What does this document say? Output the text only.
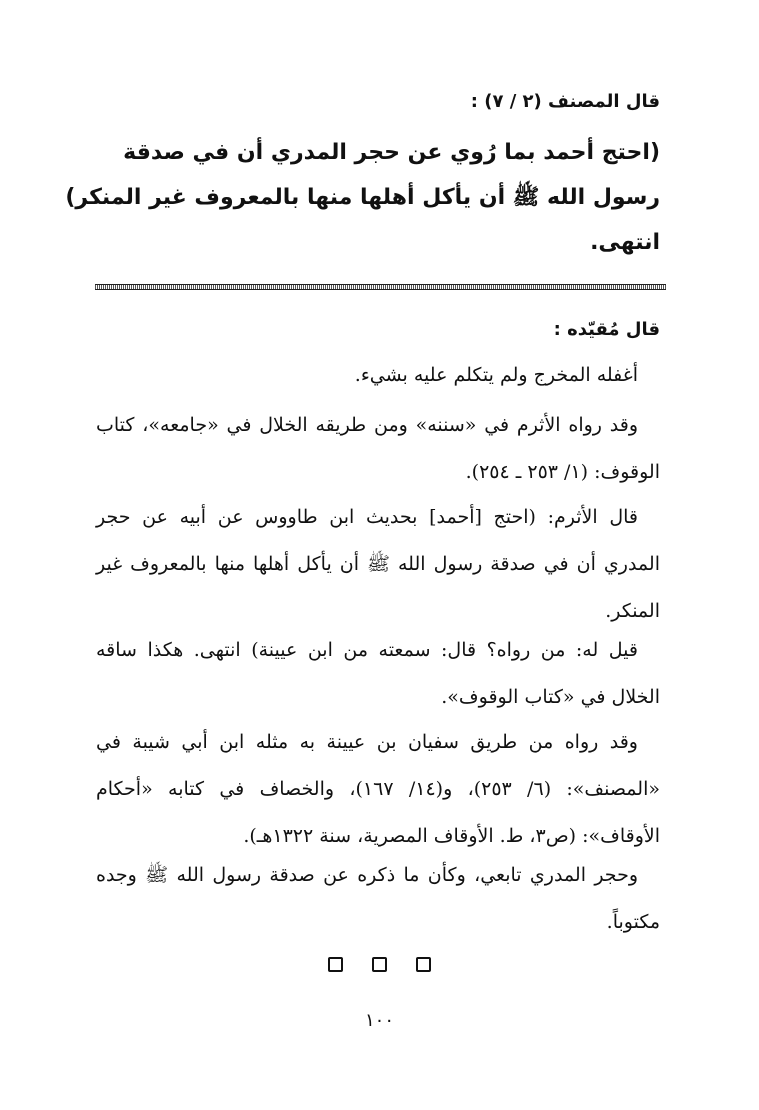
قال المصنف (٢ / ٧) :
(احتج أحمد بما رُوي عن حجر المدري أن في صدقة
رسول الله ﷺ أن يأكل أهلها منها بالمعروف غير المنكر)
انتهى.
قال مُقيّده :
أغفله المخرج ولم يتكلم عليه بشيء.
وقد رواه الأثرم في «سننه» ومن طريقه الخلال في «جامعه»، كتاب
الوقوف: (١/ ٢٥٣ ـ ٢٥٤).
قال الأثرم: (احتج [أحمد] بحديث ابن طاووس عن أبيه عن حجر
المدري أن في صدقة رسول الله ﷺ أن يأكل أهلها منها بالمعروف غير
المنكر.
قيل له: من رواه؟ قال: سمعته من ابن عيينة) انتهى. هكذا ساقه
الخلال في «كتاب الوقوف».
وقد رواه من طريق سفيان بن عيينة به مثله ابن أبي شيبة في
«المصنف»: (٦/ ٢٥٣)، و(١٤/ ١٦٧)، والخصاف في كتابه «أحكام
الأوقاف»: (ص٣، ط. الأوقاف المصرية، سنة ١٣٢٢هـ).
وحجر المدري تابعي، وكأن ما ذكره عن صدقة رسول الله ﷺ وجده
مكتوباً.

١٠٠
